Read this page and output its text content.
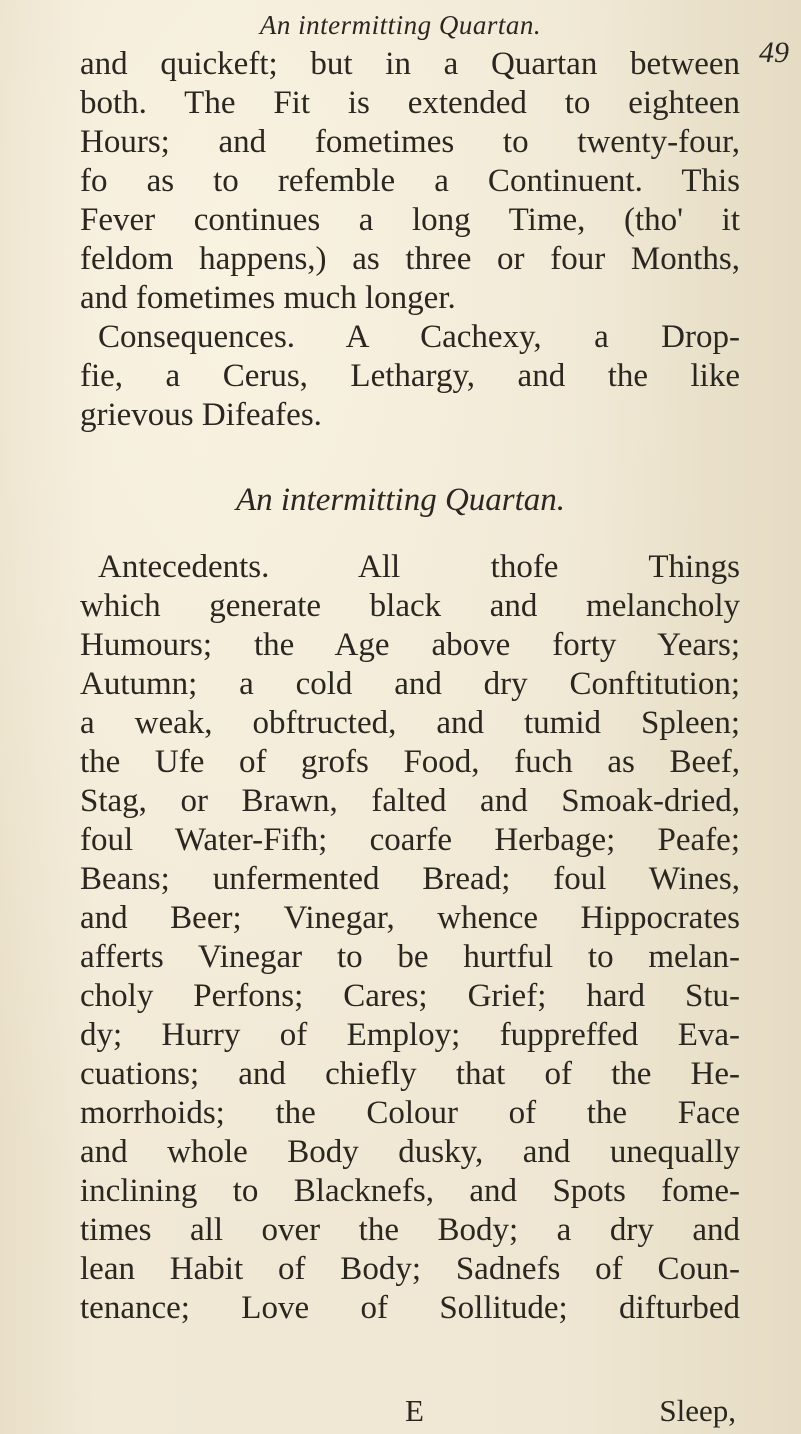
An intermitting Quartan.
49
and quickeft; but in a Quartan between
both. The Fit is extended to eighteen
Hours; and fometimes to twenty-four,
fo as to refemble a Continuent. This
Fever continues a long Time, (tho' it
feldom happens,) as three or four Months,
and fometimes much longer.
Consequences. A Cachexy, a Drop-
fie, a Cerus, Lethargy, and the like
grievous Difeafes.
An intermitting Quartan.
Antecedents. All thofe Things
which generate black and melancholy
Humours; the Age above forty Years;
Autumn; a cold and dry Conftitution;
a weak, obftructed, and tumid Spleen;
the Ufe of grofs Food, fuch as Beef,
Stag, or Brawn, falted and Smoak-dried,
foul Water-Fifh; coarfe Herbage; Peafe;
Beans; unfermented Bread; foul Wines,
and Beer; Vinegar, whence Hippocrates
afferts Vinegar to be hurtful to melan-
choly Perfons; Cares; Grief; hard Stu-
dy; Hurry of Employ; fuppreffed Eva-
cuations; and chiefly that of the He-
morrhoids; the Colour of the Face
and whole Body dusky, and unequally
inclining to Blacknefs, and Spots fome-
times all over the Body; a dry and
lean Habit of Body; Sadnefs of Coun-
tenance; Love of Sollitude; difturbed
E	Sleep,
